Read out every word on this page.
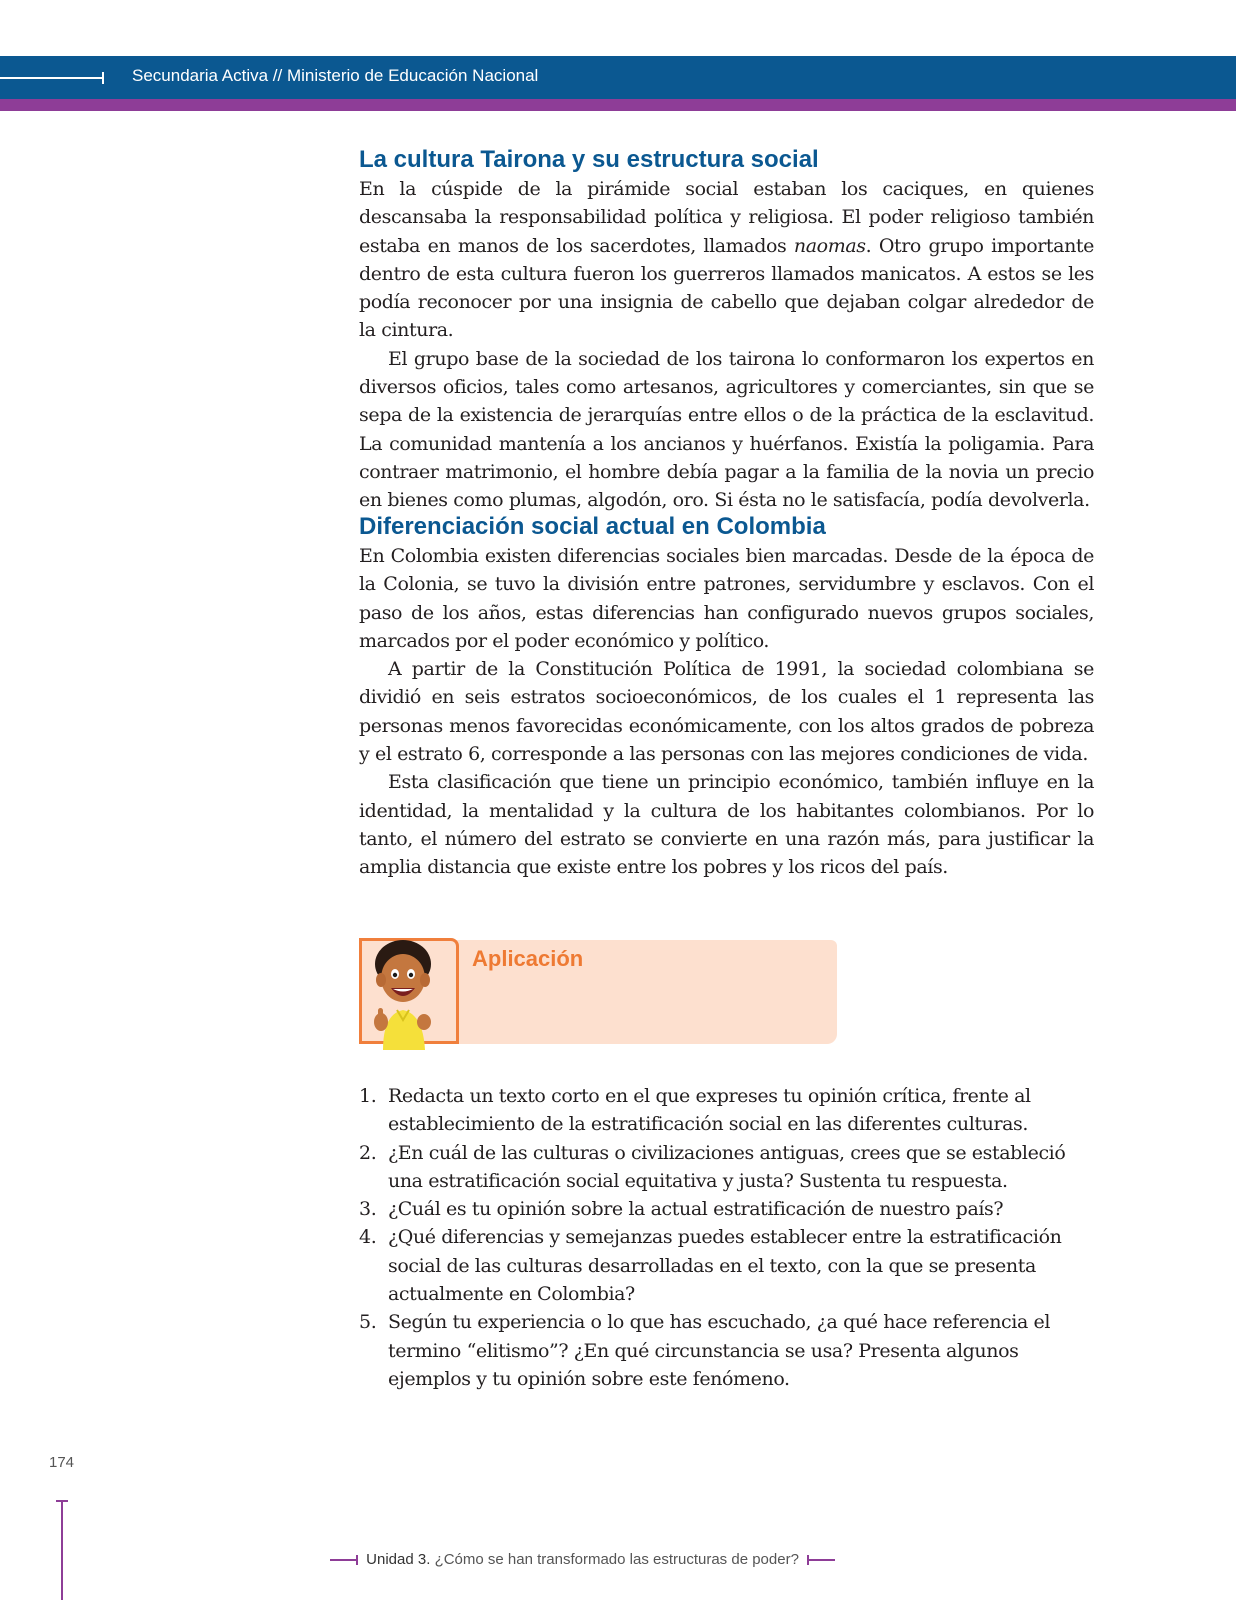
Secundaria Activa // Ministerio de Educación Nacional
La cultura Tairona y su estructura social

En la cúspide de la pirámide social estaban los caciques, en quienes descansaba la responsabilidad política y religiosa. El poder religioso también estaba en manos de los sacerdotes, llamados naomas. Otro grupo importante dentro de esta cultura fueron los guerreros llamados manicatos. A estos se les podía reconocer por una insignia de cabello que dejaban colgar alrededor de la cintura.

El grupo base de la sociedad de los tairona lo conformaron los expertos en diversos oficios, tales como artesanos, agricultores y comerciantes, sin que se sepa de la existencia de jerarquías entre ellos o de la práctica de la esclavitud. La comunidad mantenía a los ancianos y huérfanos. Existía la poligamia. Para contraer matrimonio, el hombre debía pagar a la familia de la novia un precio en bienes como plumas, algodón, oro. Si ésta no le satisfacía, podía devolverla.

Diferenciación social actual en Colombia

En Colombia existen diferencias sociales bien marcadas. Desde de la época de la Colonia, se tuvo la división entre patrones, servidumbre y esclavos. Con el paso de los años, estas diferencias han configurado nuevos grupos sociales, marcados por el poder económico y político.

A partir de la Constitución Política de 1991, la sociedad colombiana se dividió en seis estratos socioeconómicos, de los cuales el 1 representa las personas menos favorecidas económicamente, con los altos grados de pobreza y el estrato 6, corresponde a las personas con las mejores condiciones de vida.

Esta clasificación que tiene un principio económico, también influye en la identidad, la mentalidad y la cultura de los habitantes colombianos. Por lo tanto, el número del estrato se convierte en una razón más, para justificar la amplia distancia que existe entre los pobres y los ricos del país.

Aplicación
1. Redacta un texto corto en el que expreses tu opinión crítica, frente al establecimiento de la estratificación social en las diferentes culturas.
2. ¿En cuál de las culturas o civilizaciones antiguas, crees que se estableció una estratificación social equitativa y justa? Sustenta tu respuesta.
3. ¿Cuál es tu opinión sobre la actual estratificación de nuestro país?
4. ¿Qué diferencias y semejanzas puedes establecer entre la estratificación social de las culturas desarrolladas en el texto, con la que se presenta actualmente en Colombia?
5. Según tu experiencia o lo que has escuchado, ¿a qué hace referencia el termino “elitismo”? ¿En qué circunstancia se usa? Presenta algunos ejemplos y tu opinión sobre este fenómeno.
174
Unidad 3. ¿Cómo se han transformado las estructuras de poder?
